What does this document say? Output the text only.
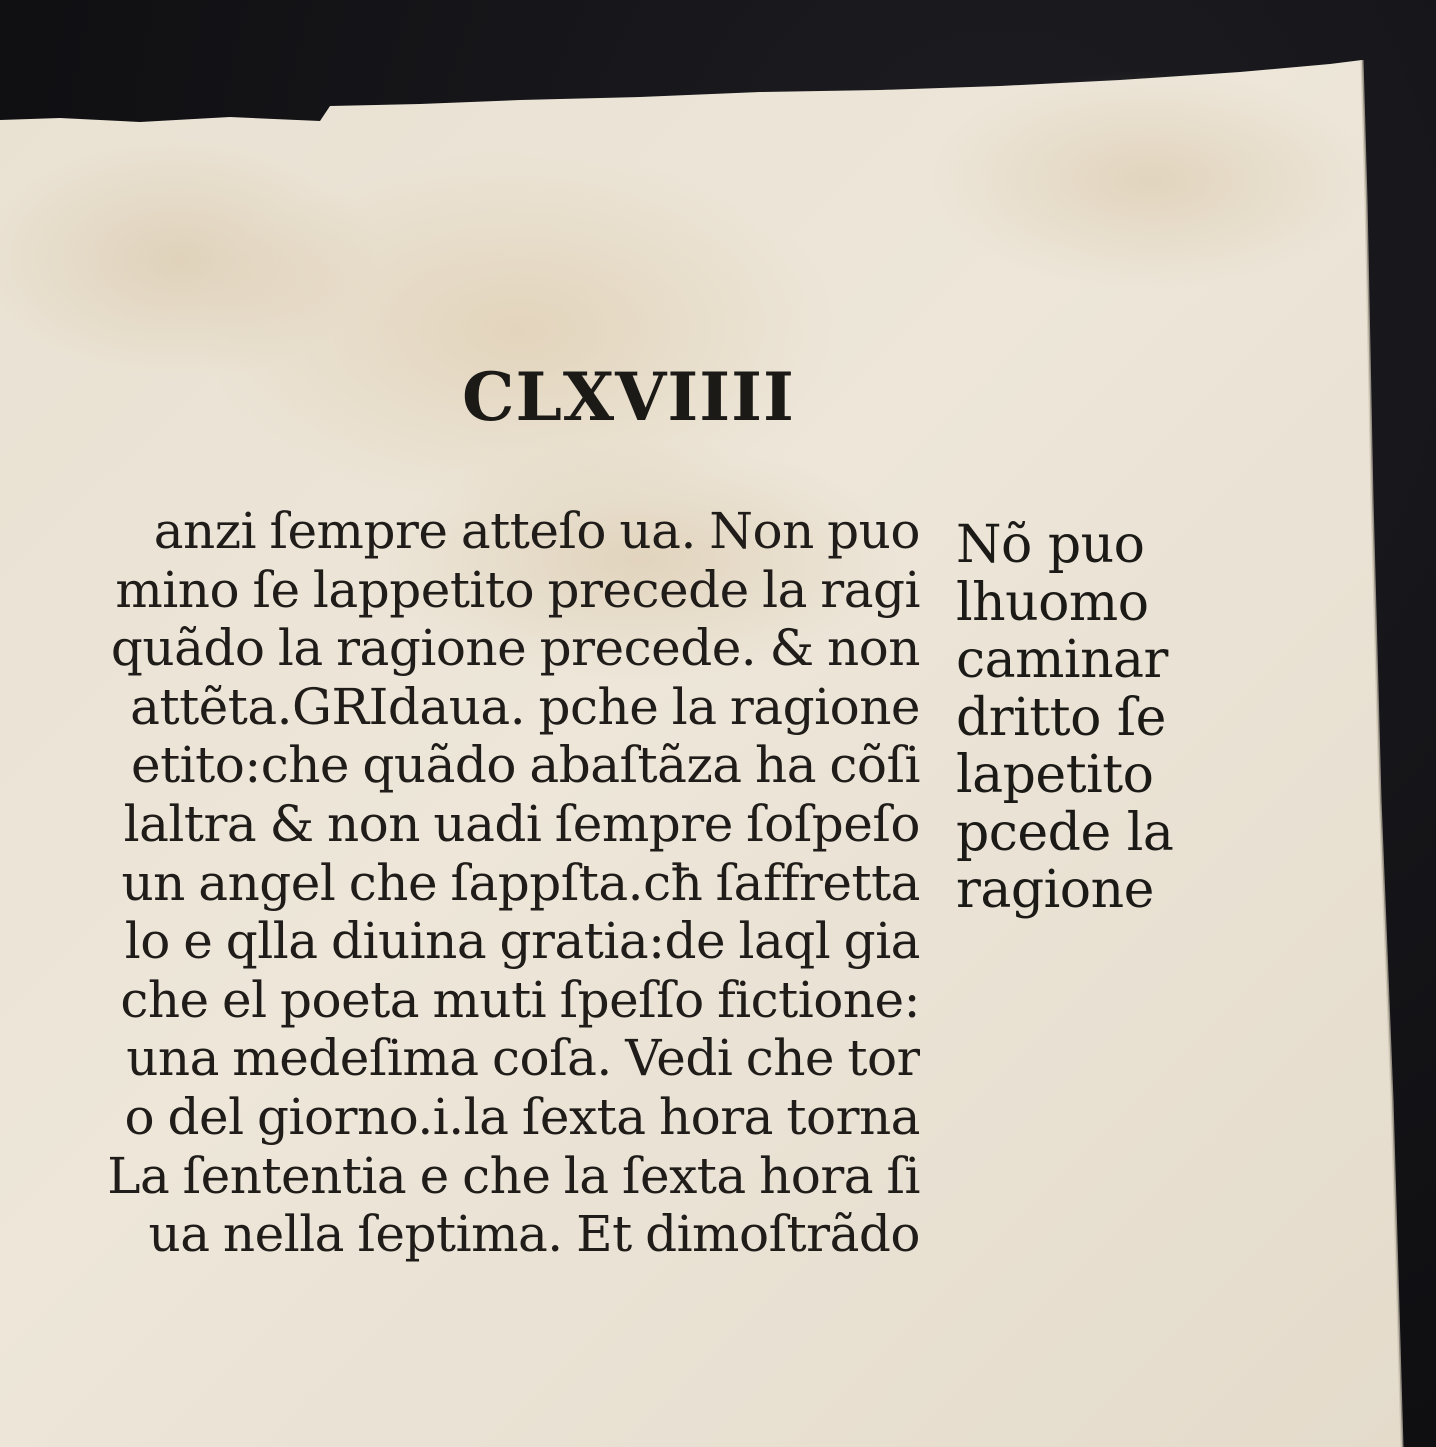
CLXVIIII
anzi ſempre atteſo ua. Non puo
mino ſe lappetito precede la ragi
quãdo la ragione precede. & non
attẽta.GRIdaua. pche la ragione
etito:che quãdo abaſtãza ha cõſi
laltra & non uadi ſempre ſoſpeſo
un angel che ſappſta.cħ ſaffretta
lo e qlla diuina gratia:de laql gia
che el poeta muti ſpeſſo fictione:
una medeſima coſa. Vedi che tor
o del giorno.i.la ſexta hora torna
La ſententia e che la ſexta hora ſi
ua nella ſeptima. Et dimoſtrãdo
Nõ puo
lhuomo
caminar
dritto ſe
lapetito
pcede la
ragione
